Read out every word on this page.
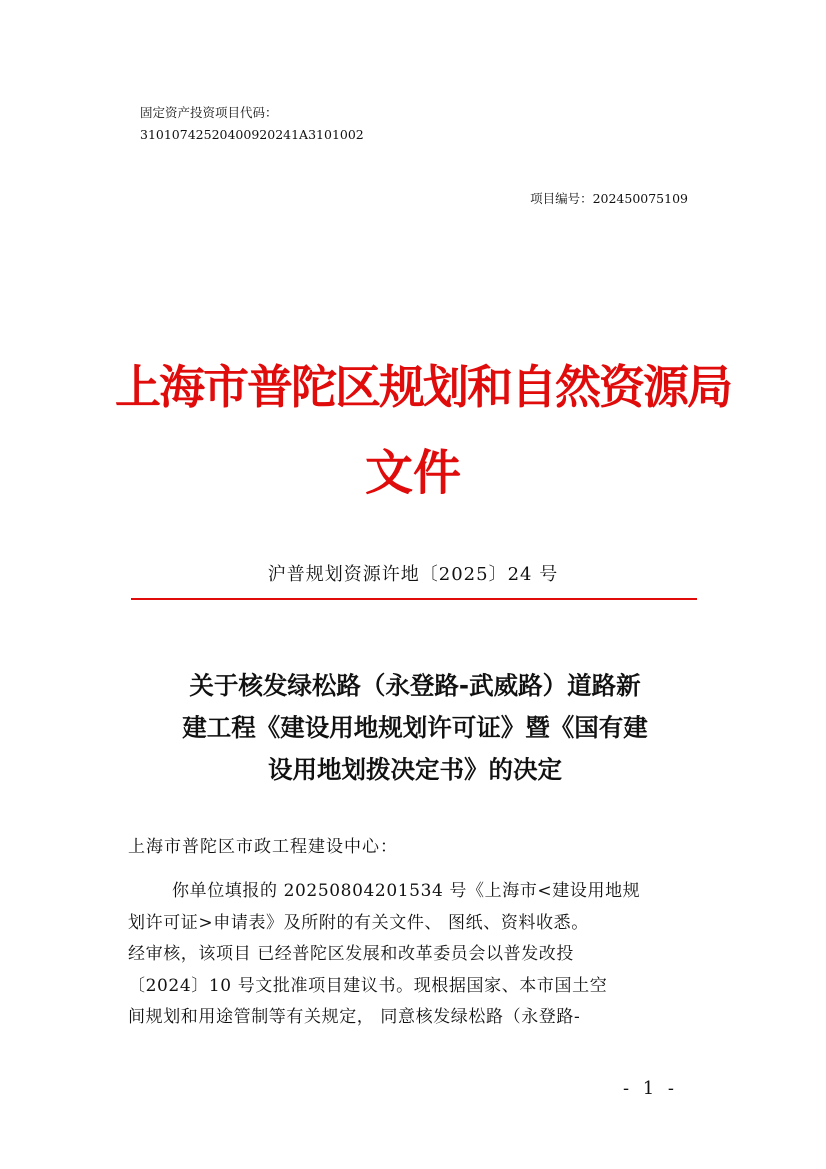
固定资产投资项目代码：
31010742520400920241A3101002
项目编号：202450075109
上海市普陀区规划和自然资源局
文件
沪普规划资源许地〔2025〕24 号
关于核发绿松路（永登路-武威路）道路新
建工程《建设用地规划许可证》暨《国有建
设用地划拨决定书》的决定
上海市普陀区市政工程建设中心：
你单位填报的 20250804201534 号《上海市<建设用地规
划许可证>申请表》及所附的有关文件、 图纸、资料收悉。
经审核，该项目 已经普陀区发展和改革委员会以普发改投
〔2024〕10 号文批准项目建议书。现根据国家、本市国土空
间规划和用途管制等有关规定， 同意核发绿松路（永登路-
- 1 -
